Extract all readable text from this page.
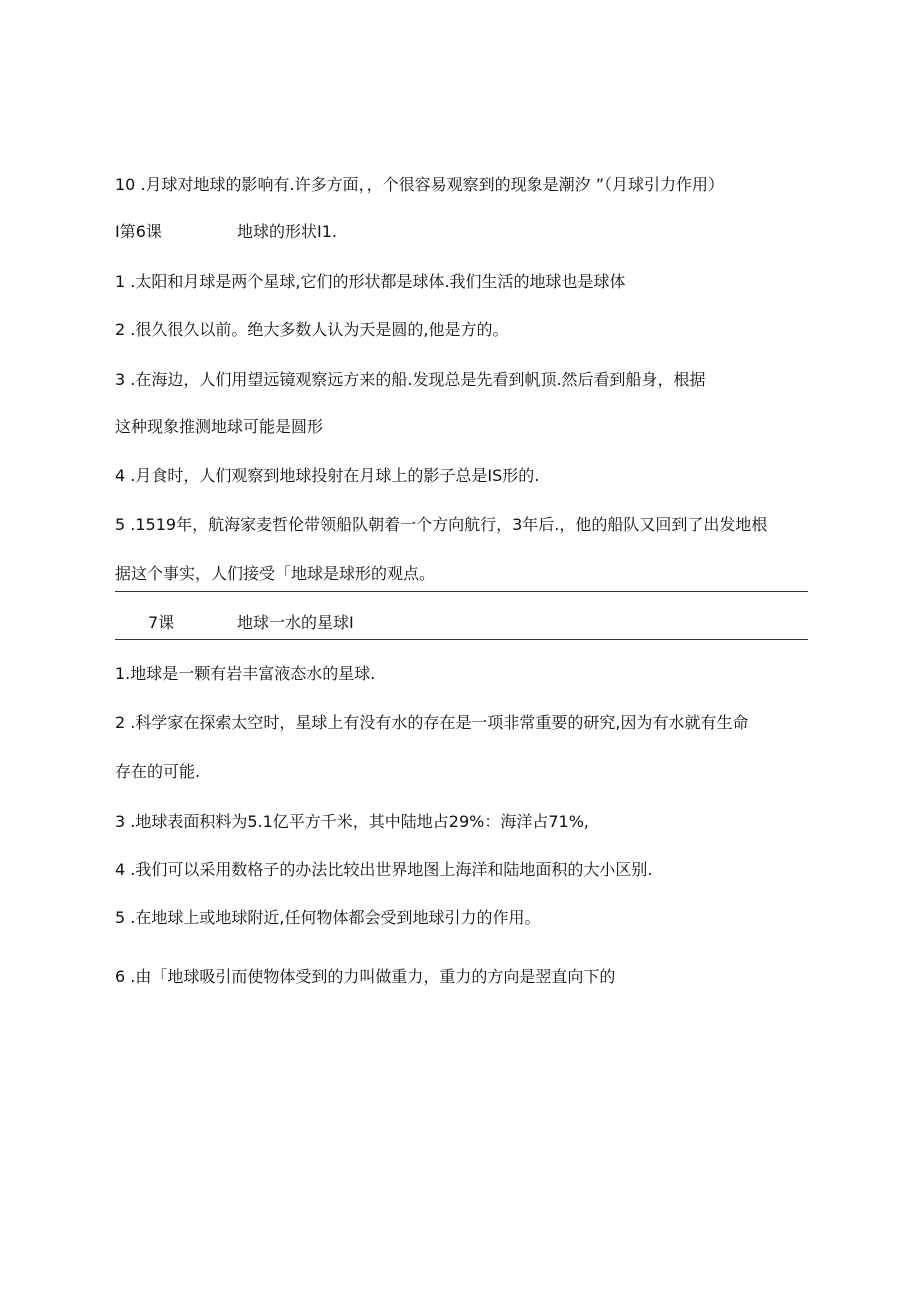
10 .月球对地球的影响有.许多方面，，个很容易观察到的现象是潮汐 ”（月球引力作用）
I第6课	地球的形状I1.
1 .太阳和月球是两个星球,它们的形状都是球体.我们生活的地球也是球体
2 .很久很久以前。绝大多数人认为天是圆的,他是方的。
3 .在海边，人们用望远镜观察远方来的船.发现总是先看到帆顶.然后看到船身，根据
这种现象推测地球可能是圆形
4 .月食时，人们观察到地球投射在月球上的影子总是IS形的.
5 .1519年，航海家麦哲伦带领船队朝着一个方向航行，3年后.，他的船队又回到了出发地根
据这个事实，人们接受「地球是球形的观点。
7课	地球一水的星球I
1.地球是一颗有岩丰富液态水的星球.
2 .科学家在探索太空时，星球上有没有水的存在是一项非常重要的研究,因为有水就有生命
存在的可能.
3 .地球表面积料为5.1亿平方千米，其中陆地占29%：海洋占71%,
4 .我们可以采用数格子的办法比较出世界地图上海洋和陆地面积的大小区别.
5 .在地球上或地球附近,任何物体都会受到地球引力的作用。
6 .由「地球吸引而使物体受到的力叫做重力，重力的方向是翌直向下的
